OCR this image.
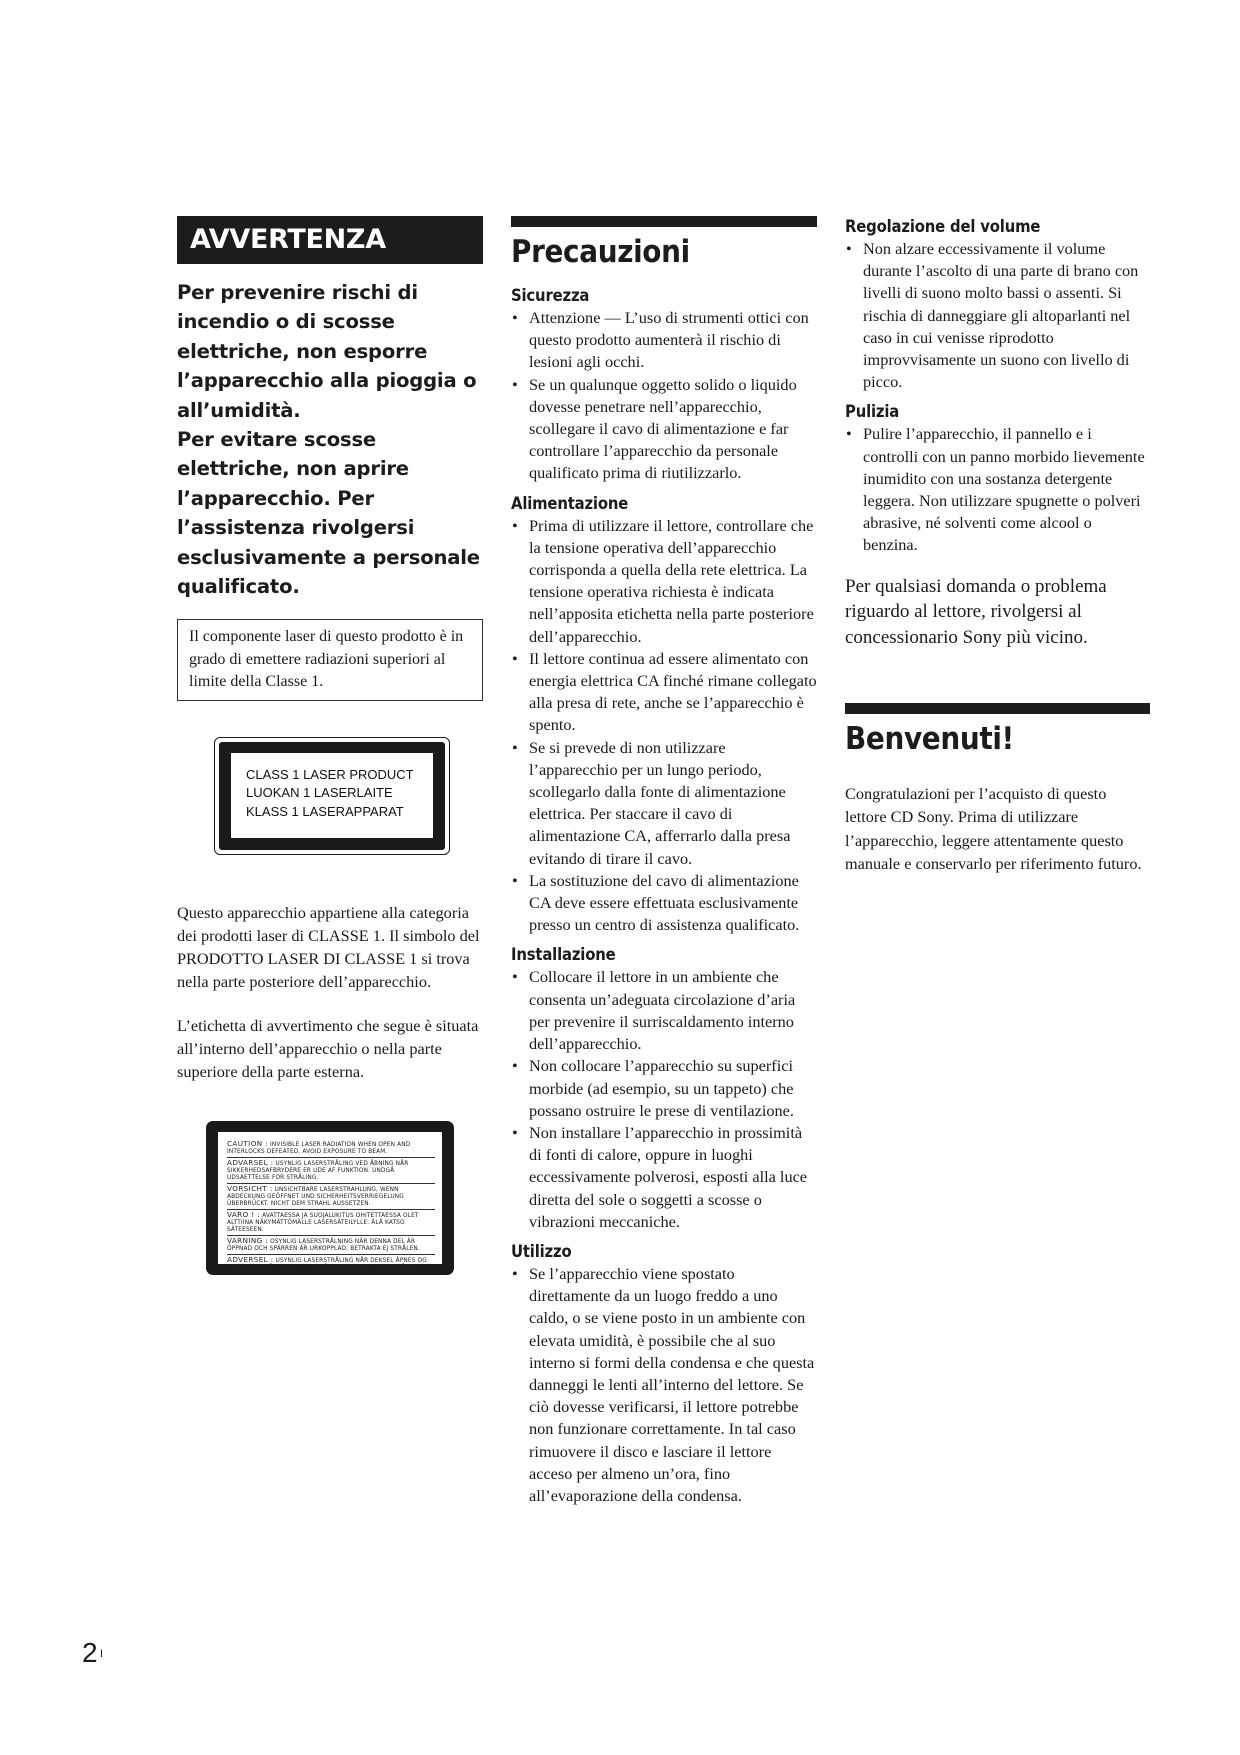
AVVERTENZA
Per prevenire rischi di incendio o di scosse elettriche, non esporre l’apparecchio alla pioggia o all’umidità.
Per evitare scosse elettriche, non aprire l’apparecchio. Per l’assistenza rivolgersi esclusivamente a personale qualificato.
Il componente laser di questo prodotto è in grado di emettere radiazioni superiori al limite della Classe 1.
CLASS 1 LASER PRODUCT
LUOKAN 1 LASERLAITE
KLASS 1 LASERAPPARAT
Questo apparecchio appartiene alla categoria dei prodotti laser di CLASSE 1. Il simbolo del PRODOTTO LASER DI CLASSE 1 si trova nella parte posteriore dell’apparecchio.
L’etichetta di avvertimento che segue è situata all’interno dell’apparecchio o nella parte superiore della parte esterna.
CAUTION : INVISIBLE LASER RADIATION WHEN OPEN AND INTERLOCKS DEFEATED. AVOID EXPOSURE TO BEAM.
ADVARSEL : USYNLIG LASERSTRÅLING VED ÅBNING NÅR SIKKERHEDSAFBRYDERE ER UDE AF FUNKTION. UNDGÅ UDSAETTELSE FOR STRÅLING.
VORSICHT : UNSICHTBARE LASERSTRAHLUNG, WENN ABDECKUNG GEÖFFNET UND SICHERHEITSVERRIEGELUNG ÜBERBRÜCKT. NICHT DEM STRAHL AUSSETZEN.
VARO ! : AVATTAESSA JA SUOJALUKITUS OHITETTAESSA OLET ALTTIINA NÄKYMÄTTÖMÄLLE LASERSÄTEILYLLE. ÄLÄ KATSO SÄTEESEEN.
VARNING : OSYNLIG LASERSTRÅLNING NÄR DENNA DEL ÄR ÖPPNAD OCH SPÄRREN ÄR URKOPPLAD. BETRAKTA EJ STRÅLEN.
ADVERSEL : USYNLIG LASERSTRÅLING NÅR DEKSEL ÅPNES OG SIKKERHEDSLÅS BRYTES. UNNGÅ EKSPONERING FOR STRÅLEN.
Precauzioni
Sicurezza
• Attenzione — L’uso di strumenti ottici con questo prodotto aumenterà il rischio di lesioni agli occhi.
• Se un qualunque oggetto solido o liquido dovesse penetrare nell’apparecchio, scollegare il cavo di alimentazione e far controllare l’apparecchio da personale qualificato prima di riutilizzarlo.
Alimentazione
• Prima di utilizzare il lettore, controllare che la tensione operativa dell’apparecchio corrisponda a quella della rete elettrica. La tensione operativa richiesta è indicata nell’apposita etichetta nella parte posteriore dell’apparecchio.
• Il lettore continua ad essere alimentato con energia elettrica CA finché rimane collegato alla presa di rete, anche se l’apparecchio è spento.
• Se si prevede di non utilizzare l’apparecchio per un lungo periodo, scollegarlo dalla fonte di alimentazione elettrica. Per staccare il cavo di alimentazione CA, afferrarlo dalla presa evitando di tirare il cavo.
• La sostituzione del cavo di alimentazione CA deve essere effettuata esclusivamente presso un centro di assistenza qualificato.
Installazione
• Collocare il lettore in un ambiente che consenta un’adeguata circolazione d’aria per prevenire il surriscaldamento interno dell’apparecchio.
• Non collocare l’apparecchio su superfici morbide (ad esempio, su un tappeto) che possano ostruire le prese di ventilazione.
• Non installare l’apparecchio in prossimità di fonti di calore, oppure in luoghi eccessivamente polverosi, esposti alla luce diretta del sole o soggetti a scosse o vibrazioni meccaniche.
Utilizzo
• Se l’apparecchio viene spostato direttamente da un luogo freddo a uno caldo, o se viene posto in un ambiente con elevata umidità, è possibile che al suo interno si formi della condensa e che questa danneggi le lenti all’interno del lettore. Se ciò dovesse verificarsi, il lettore potrebbe non funzionare correttamente. In tal caso rimuovere il disco e lasciare il lettore acceso per almeno un’ora, fino all’evaporazione della condensa.
Regolazione del volume
• Non alzare eccessivamente il volume durante l’ascolto di una parte di brano con livelli di suono molto bassi o assenti. Si rischia di danneggiare gli altoparlanti nel caso in cui venisse riprodotto improvvisamente un suono con livello di picco.
Pulizia
• Pulire l’apparecchio, il pannello e i controlli con un panno morbido lievemente inumidito con una sostanza detergente leggera. Non utilizzare spugnette o polveri abrasive, né solventi come alcool o benzina.
Per qualsiasi domanda o problema riguardo al lettore, rivolgersi al concessionario Sony più vicino.
Benvenuti!
Congratulazioni per l’acquisto di questo lettore CD Sony. Prima di utilizzare l’apparecchio, leggere attentamente questo manuale e conservarlo per riferimento futuro.
2 I
